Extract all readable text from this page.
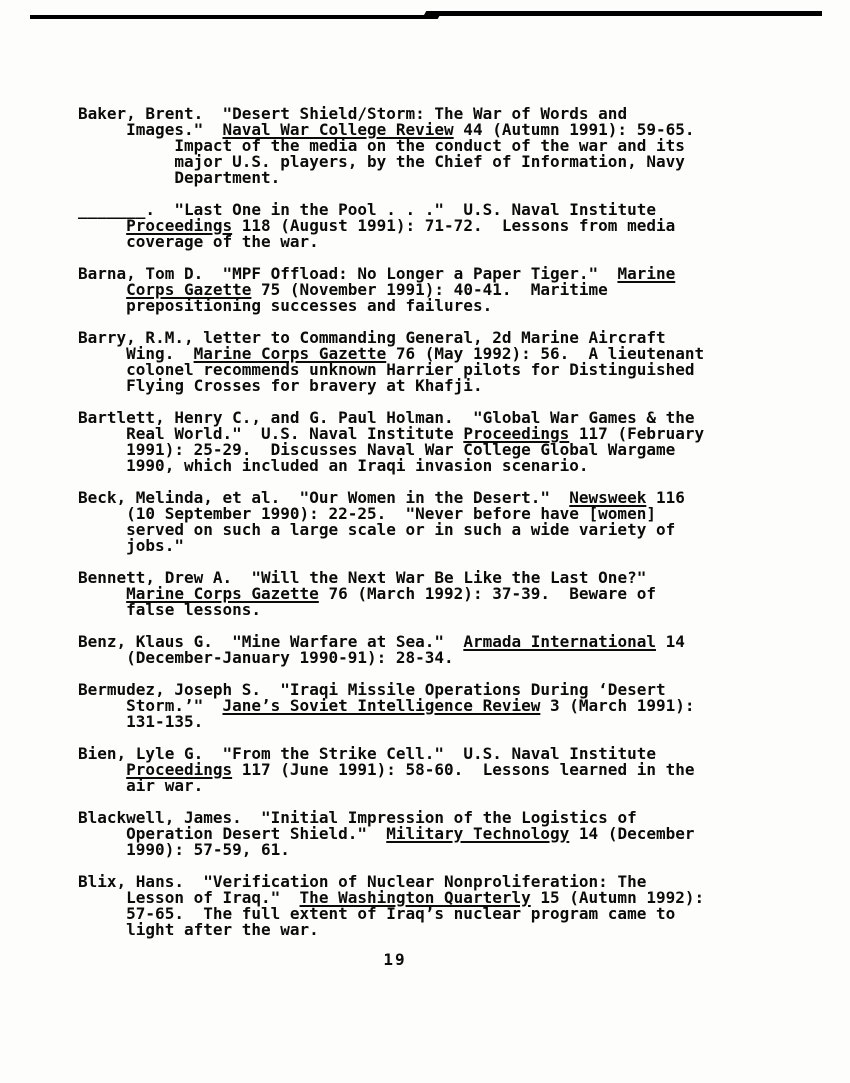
Baker, Brent.  "Desert Shield/Storm: The War of Words and
Images."  Naval War College Review 44 (Autumn 1991): 59-65.
Impact of the media on the conduct of the war and its
major U.S. players, by the Chief of Information, Navy
Department.
_______.  "Last One in the Pool . . ."  U.S. Naval Institute
Proceedings 118 (August 1991): 71-72.  Lessons from media
coverage of the war.
Barna, Tom D.  "MPF Offload: No Longer a Paper Tiger."  Marine
Corps Gazette 75 (November 1991): 40-41.  Maritime
prepositioning successes and failures.
Barry, R.M., letter to Commanding General, 2d Marine Aircraft
Wing.  Marine Corps Gazette 76 (May 1992): 56.  A lieutenant
colonel recommends unknown Harrier pilots for Distinguished
Flying Crosses for bravery at Khafji.
Bartlett, Henry C., and G. Paul Holman.  "Global War Games & the
Real World."  U.S. Naval Institute Proceedings 117 (February
1991): 25-29.  Discusses Naval War College Global Wargame
1990, which included an Iraqi invasion scenario.
Beck, Melinda, et al.  "Our Women in the Desert."  Newsweek 116
(10 September 1990): 22-25.  "Never before have [women]
served on such a large scale or in such a wide variety of
jobs."
Bennett, Drew A.  "Will the Next War Be Like the Last One?"
Marine Corps Gazette 76 (March 1992): 37-39.  Beware of
false lessons.
Benz, Klaus G.  "Mine Warfare at Sea."  Armada International 14
(December-January 1990-91): 28-34.
Bermudez, Joseph S.  "Iraqi Missile Operations During ‘Desert
Storm.’"  Jane’s Soviet Intelligence Review 3 (March 1991):
131-135.
Bien, Lyle G.  "From the Strike Cell."  U.S. Naval Institute
Proceedings 117 (June 1991): 58-60.  Lessons learned in the
air war.
Blackwell, James.  "Initial Impression of the Logistics of
Operation Desert Shield."  Military Technology 14 (December
1990): 57-59, 61.
Blix, Hans.  "Verification of Nuclear Nonproliferation: The
Lesson of Iraq."  The Washington Quarterly 15 (Autumn 1992):
57-65.  The full extent of Iraq’s nuclear program came to
light after the war.
19
